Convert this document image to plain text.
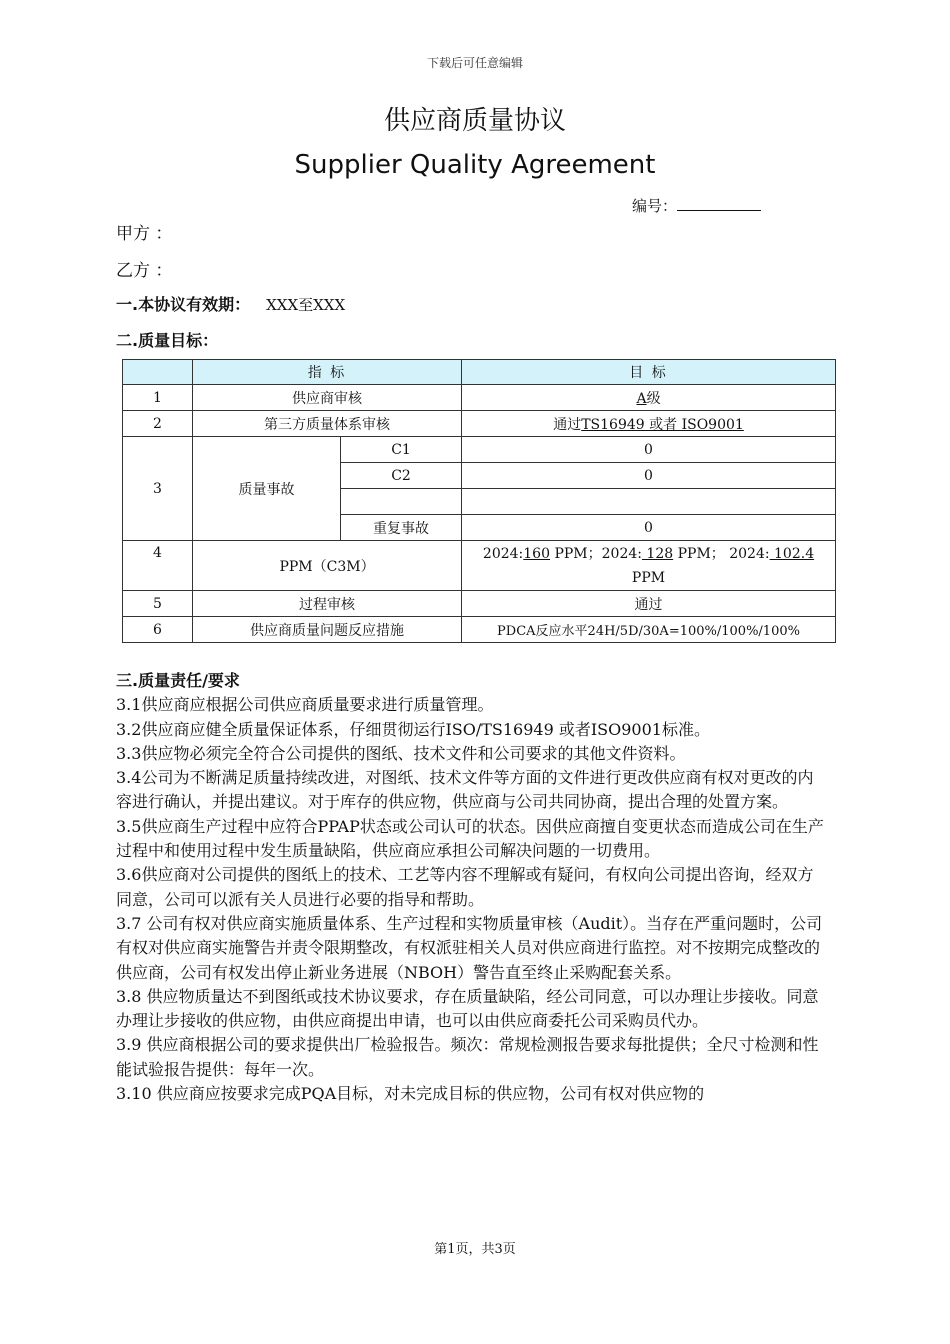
下载后可任意编辑
供应商质量协议
Supplier Quality Agreement
编号：
甲方 ：
乙方 ：
一.本协议有效期： XXX至XXX
二.质量目标：
	指 标		目 标
1	供应商审核		A级
2	第三方质量体系审核		通过TS16949 或者 ISO9001
3	质量事故	C1	0
		C2	0

		重复事故	0
4	PPM（C3M）		2024:160 PPM；2024: 128 PPM； 2024: 102.4
PPM
5	过程审核		通过
6	供应商质量问题反应措施		PDCA反应水平24H/5D/30A=100%/100%/100%

三.质量责任/要求

3.1供应商应根据公司供应商质量要求进行质量管理。

3.2供应商应健全质量保证体系，仔细贯彻运行ISO/TS16949 或者ISO9001标准。

3.3供应物必须完全符合公司提供的图纸、技术文件和公司要求的其他文件资料。

3.4公司为不断满足质量持续改进，对图纸、技术文件等方面的文件进行更改供应商有权对更改的内容进行确认，并提出建议。对于库存的供应物，供应商与公司共同协商，提出合理的处置方案。

3.5供应商生产过程中应符合PPAP状态或公司认可的状态。因供应商擅自变更状态而造成公司在生产过程中和使用过程中发生质量缺陷，供应商应承担公司解决问题的一切费用。

3.6供应商对公司提供的图纸上的技术、工艺等内容不理解或有疑问，有权向公司提出咨询，经双方同意，公司可以派有关人员进行必要的指导和帮助。

3.7 公司有权对供应商实施质量体系、生产过程和实物质量审核（Audit）。当存在严重问题时，公司有权对供应商实施警告并责令限期整改，有权派驻相关人员对供应商进行监控。对不按期完成整改的供应商，公司有权发出停止新业务进展（NBOH）警告直至终止采购配套关系。

3.8 供应物质量达不到图纸或技术协议要求，存在质量缺陷，经公司同意，可以办理让步接收。同意办理让步接收的供应物，由供应商提出申请，也可以由供应商委托公司采购员代办。

3.9 供应商根据公司的要求提供出厂检验报告。频次：常规检测报告要求每批提供；全尺寸检测和性能试验报告提供：每年一次。

3.10 供应商应按要求完成PQA目标，对未完成目标的供应物，公司有权对供应物的

第1页，共3页
